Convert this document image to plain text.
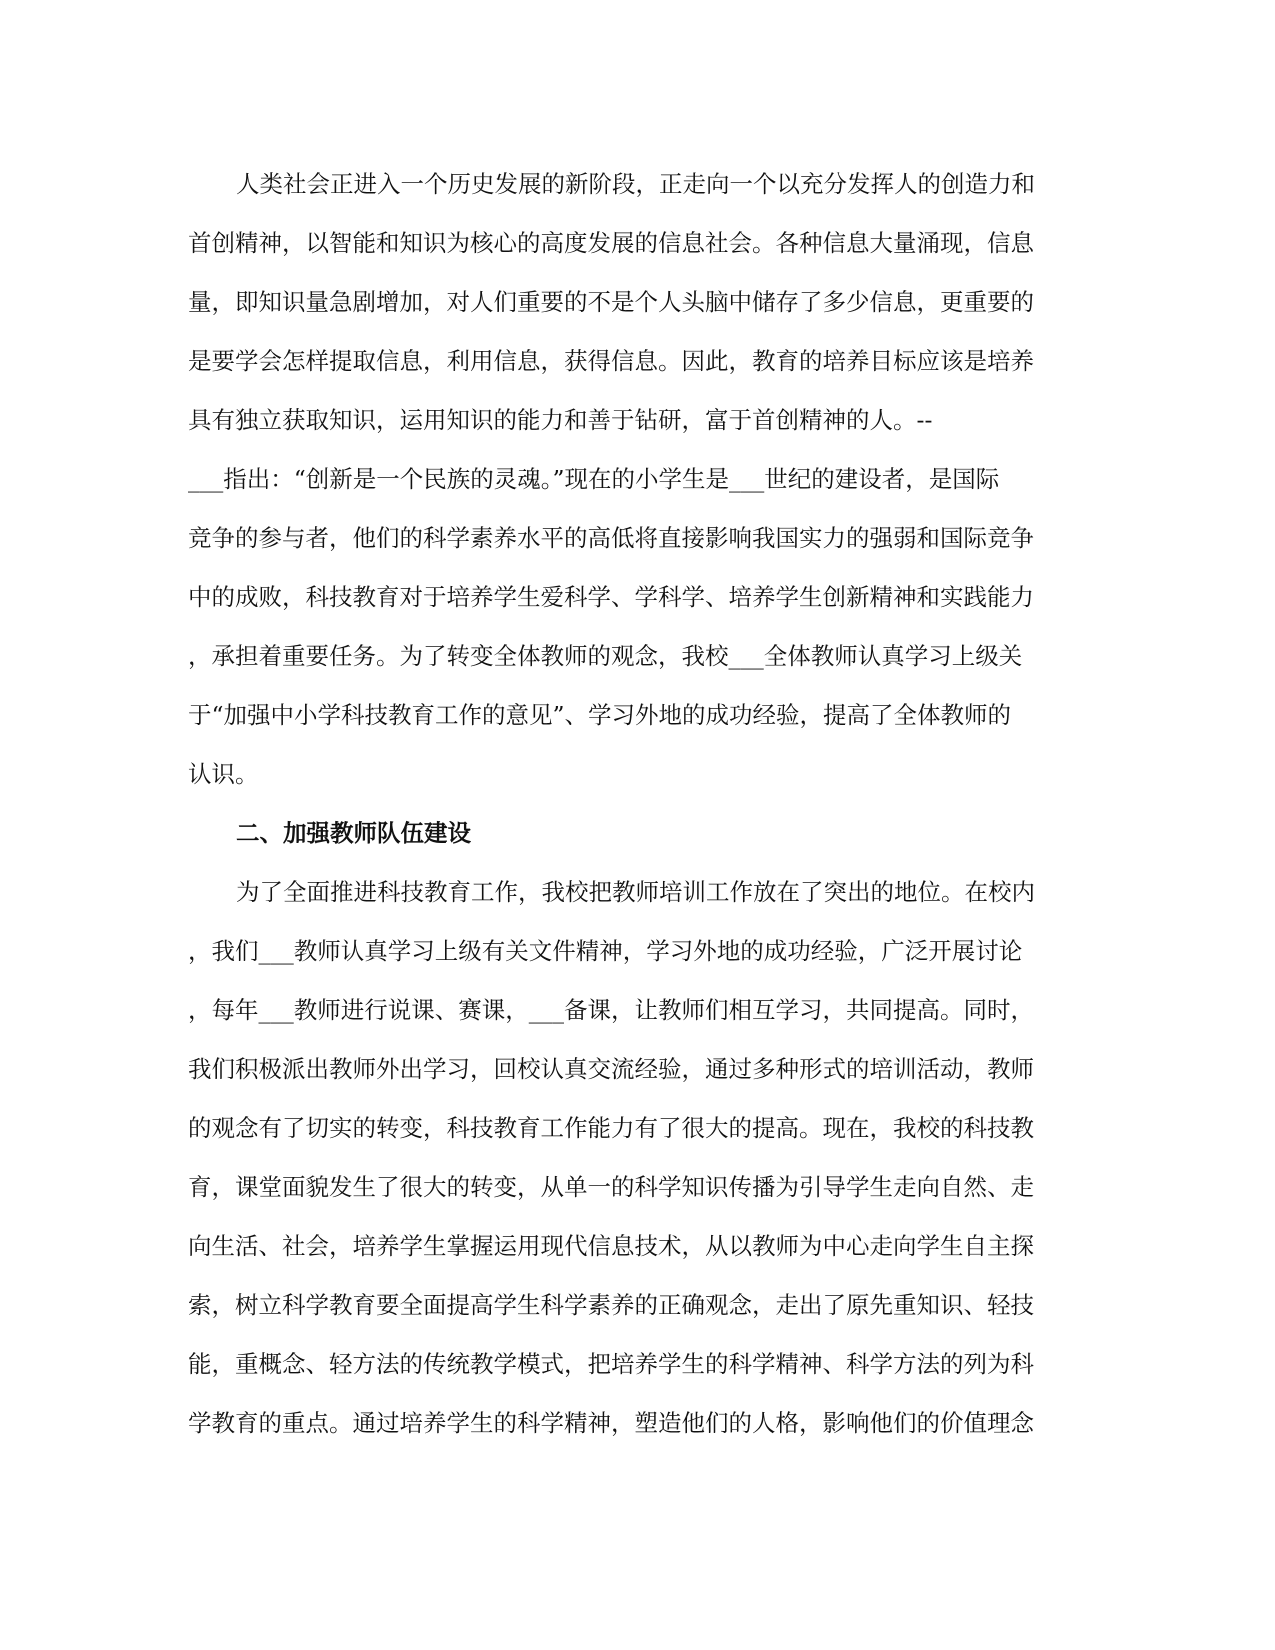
人类社会正进入一个历史发展的新阶段，正走向一个以充分发挥人的创造力和
首创精神，以智能和知识为核心的高度发展的信息社会。各种信息大量涌现，信息
量，即知识量急剧增加，对人们重要的不是个人头脑中储存了多少信息，更重要的
是要学会怎样提取信息，利用信息，获得信息。因此，教育的培养目标应该是培养
具有独立获取知识，运用知识的能力和善于钻研，富于首创精神的人。--
___指出：“创新是一个民族的灵魂。”现在的小学生是___世纪的建设者，是国际
竞争的参与者，他们的科学素养水平的高低将直接影响我国实力的强弱和国际竞争
中的成败，科技教育对于培养学生爱科学、学科学、培养学生创新精神和实践能力
，承担着重要任务。为了转变全体教师的观念，我校___全体教师认真学习上级关
于“加强中小学科技教育工作的意见”、学习外地的成功经验，提高了全体教师的
认识。
二、加强教师队伍建设
为了全面推进科技教育工作，我校把教师培训工作放在了突出的地位。在校内
，我们___教师认真学习上级有关文件精神，学习外地的成功经验，广泛开展讨论
，每年___教师进行说课、赛课，___备课，让教师们相互学习，共同提高。同时，
我们积极派出教师外出学习，回校认真交流经验，通过多种形式的培训活动，教师
的观念有了切实的转变，科技教育工作能力有了很大的提高。现在，我校的科技教
育，课堂面貌发生了很大的转变，从单一的科学知识传播为引导学生走向自然、走
向生活、社会，培养学生掌握运用现代信息技术，从以教师为中心走向学生自主探
索，树立科学教育要全面提高学生科学素养的正确观念，走出了原先重知识、轻技
能，重概念、轻方法的传统教学模式，把培养学生的科学精神、科学方法的列为科
学教育的重点。通过培养学生的科学精神，塑造他们的人格，影响他们的价值理念
